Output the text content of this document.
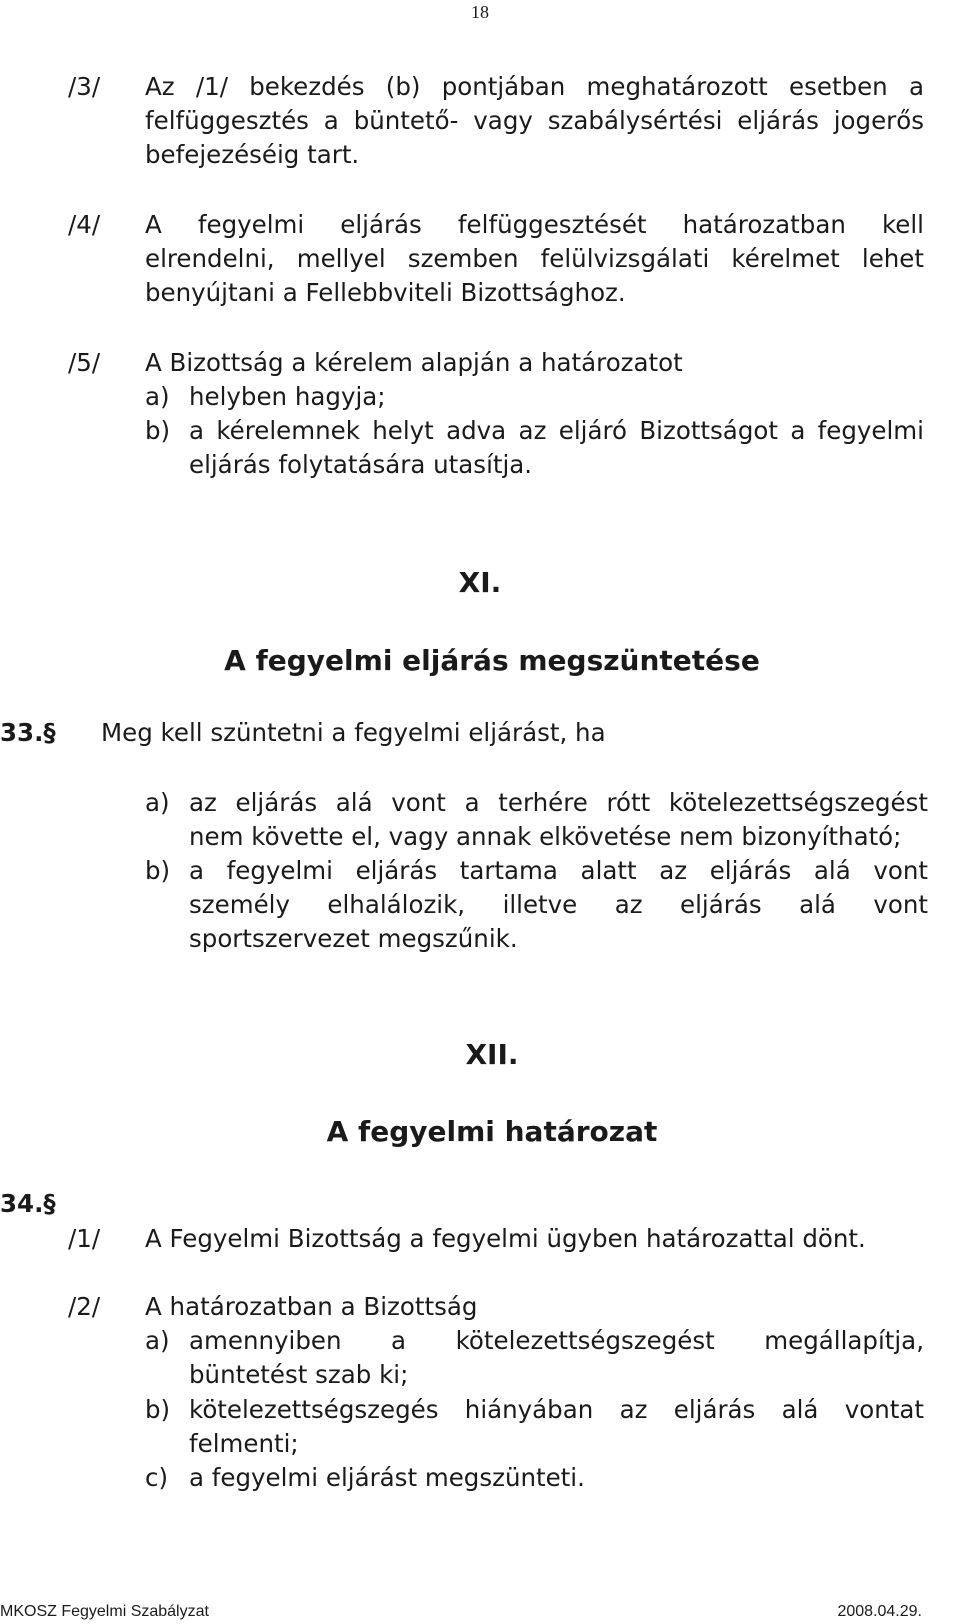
18
/3/ Az /1/ bekezdés (b) pontjában meghatározott esetben a
felfüggesztés a büntető- vagy szabálysértési eljárás jogerős
befejezéséig tart.
/4/ A fegyelmi eljárás felfüggesztését határozatban kell
elrendelni, mellyel szemben felülvizsgálati kérelmet lehet
benyújtani a Fellebbviteli Bizottsághoz.
/5/ A Bizottság a kérelem alapján a határozatot
a) helyben hagyja;
b) a kérelemnek helyt adva az eljáró Bizottságot a fegyelmi
eljárás folytatására utasítja.
XI.
A fegyelmi eljárás megszüntetése
33.§ Meg kell szüntetni a fegyelmi eljárást, ha
a) az eljárás alá vont a terhére rótt kötelezettségszegést
nem követte el, vagy annak elkövetése nem bizonyítható;
b) a fegyelmi eljárás tartama alatt az eljárás alá vont
személy elhalálozik, illetve az eljárás alá vont
sportszervezet megszűnik.
XII.
A fegyelmi határozat
34.§
/1/ A Fegyelmi Bizottság a fegyelmi ügyben határozattal dönt.
/2/ A határozatban a Bizottság
a) amennyiben a kötelezettségszegést megállapítja,
büntetést szab ki;
b) kötelezettségszegés hiányában az eljárás alá vontat
felmenti;
c) a fegyelmi eljárást megszünteti.
MKOSZ Fegyelmi Szabályzat	2008.04.29.
